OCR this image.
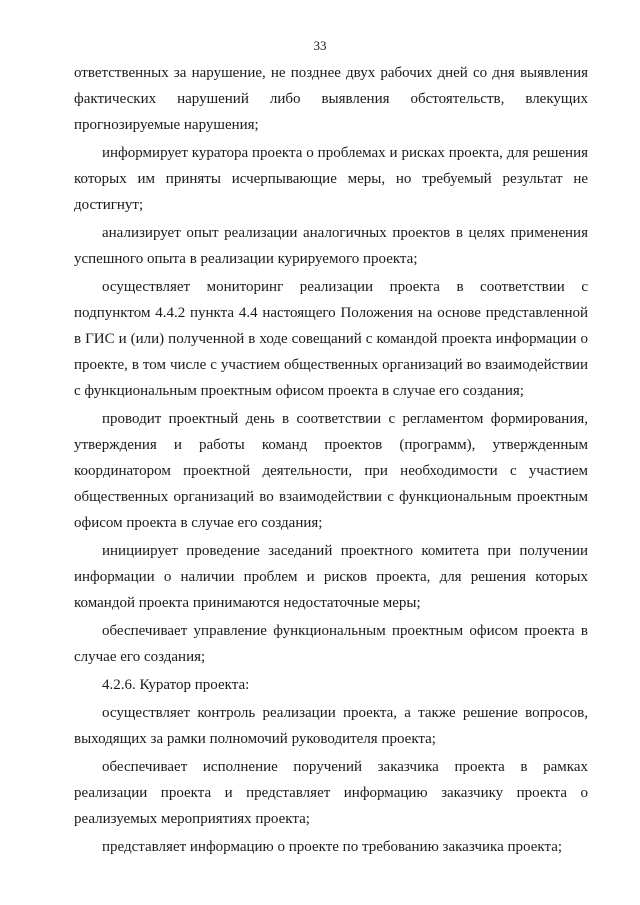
33

ответственных за нарушение, не позднее двух рабочих дней со дня выявления фактических нарушений либо выявления обстоятельств, влекущих прогнозируемые нарушения;

информирует куратора проекта о проблемах и рисках проекта, для решения которых им приняты исчерпывающие меры, но требуемый результат не достигнут;

анализирует опыт реализации аналогичных проектов в целях применения успешного опыта в реализации курируемого проекта;

осуществляет мониторинг реализации проекта в соответствии с подпунктом 4.4.2 пункта 4.4 настоящего Положения на основе представленной в ГИС и (или) полученной в ходе совещаний с командой проекта информации о проекте, в том числе с участием общественных организаций во взаимодействии с функциональным проектным офисом проекта в случае его создания;

проводит проектный день в соответствии с регламентом формирования, утверждения и работы команд проектов (программ), утвержденным координатором проектной деятельности, при необходимости с участием общественных организаций во взаимодействии с функциональным проектным офисом проекта в случае его создания;

инициирует проведение заседаний проектного комитета при получении информации о наличии проблем и рисков проекта, для решения которых командой проекта принимаются недостаточные меры;

обеспечивает управление функциональным проектным офисом проекта в случае его создания;

4.2.6. Куратор проекта:

осуществляет контроль реализации проекта, а также решение вопросов, выходящих за рамки полномочий руководителя проекта;

обеспечивает исполнение поручений заказчика проекта в рамках реализации проекта и представляет информацию заказчику проекта о реализуемых мероприятиях проекта;

представляет информацию о проекте по требованию заказчика проекта;
